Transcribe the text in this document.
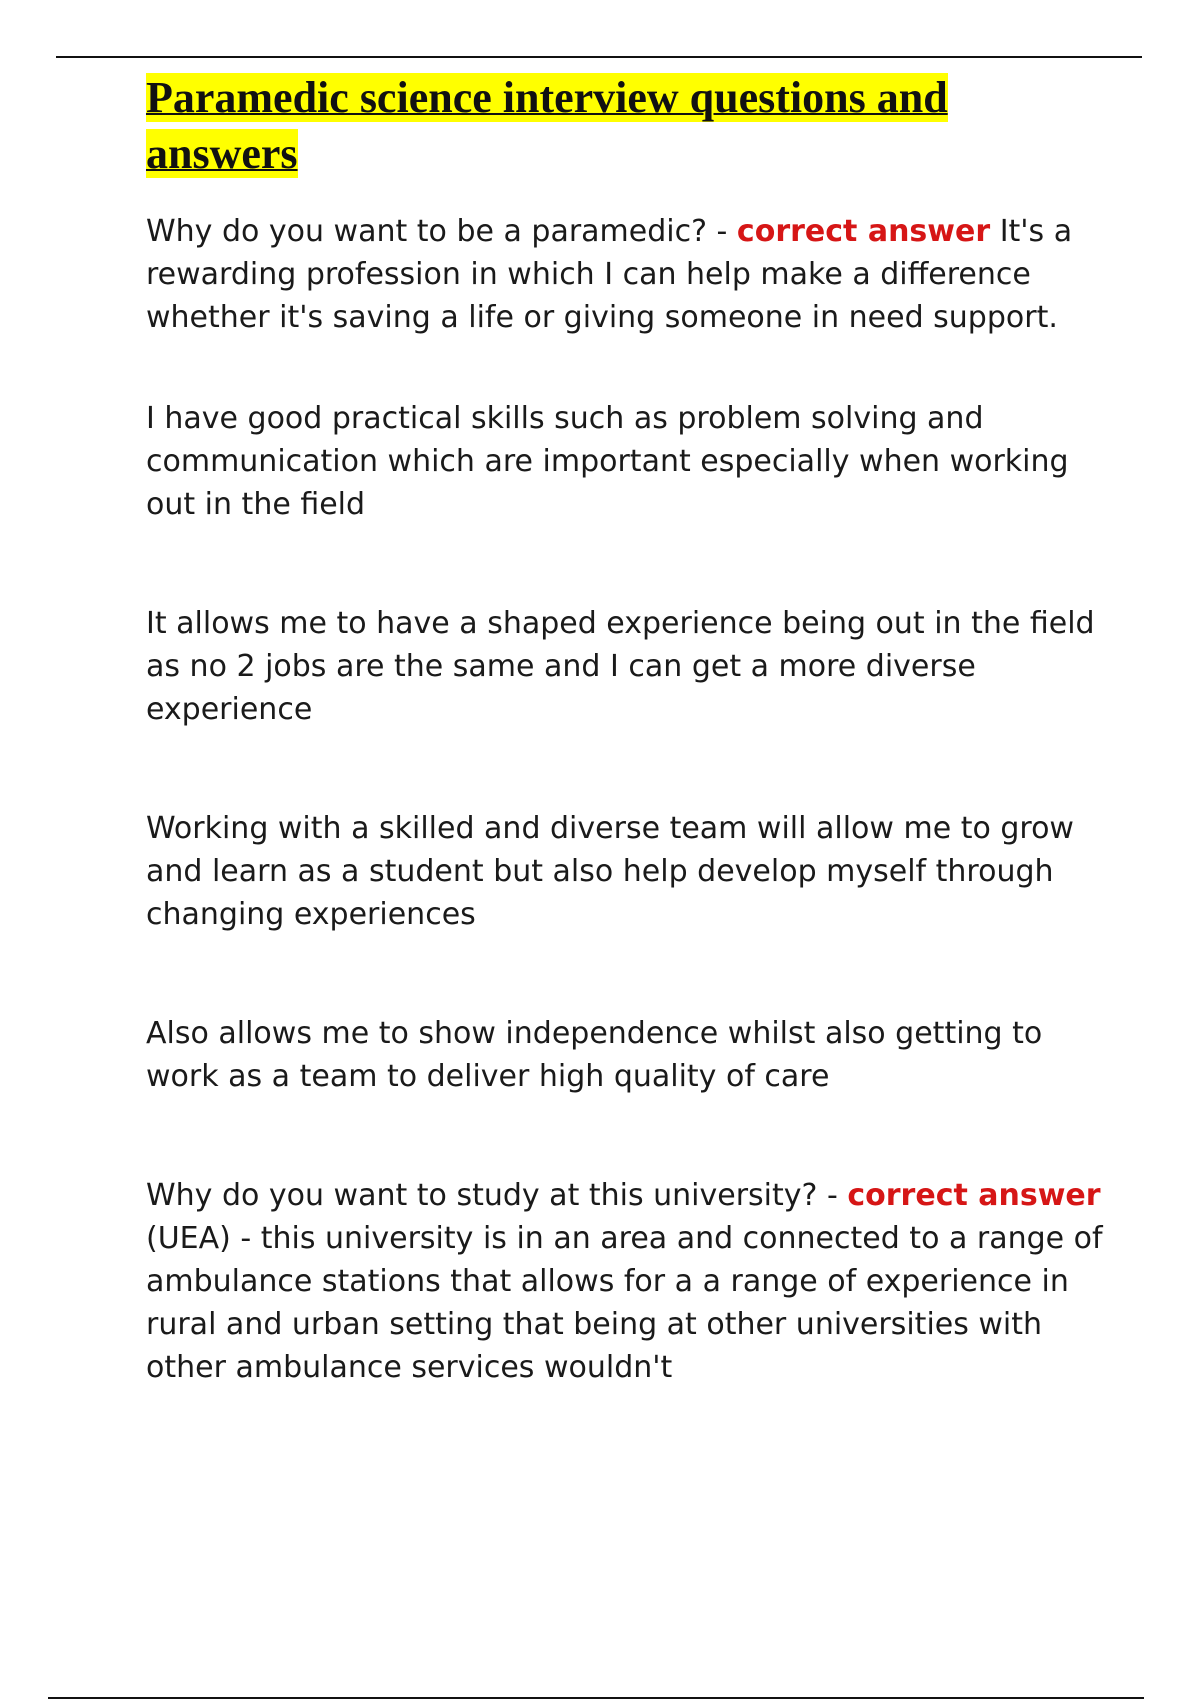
Paramedic science interview questions and answers

Why do you want to be a paramedic? - correct answer It's a rewarding profession in which I can help make a difference whether it's saving a life or giving someone in need support.

I have good practical skills such as problem solving and communication which are important especially when working out in the field

It allows me to have a shaped experience being out in the field as no 2 jobs are the same and I can get a more diverse experience

Working with a skilled and diverse team will allow me to grow and learn as a student but also help develop myself through changing experiences

Also allows me to show independence whilst also getting to work as a team to deliver high quality of care

Why do you want to study at this university? - correct answer (UEA) - this university is in an area and connected to a range of ambulance stations that allows for a a range of experience in rural and urban setting that being at other universities with other ambulance services wouldn't
